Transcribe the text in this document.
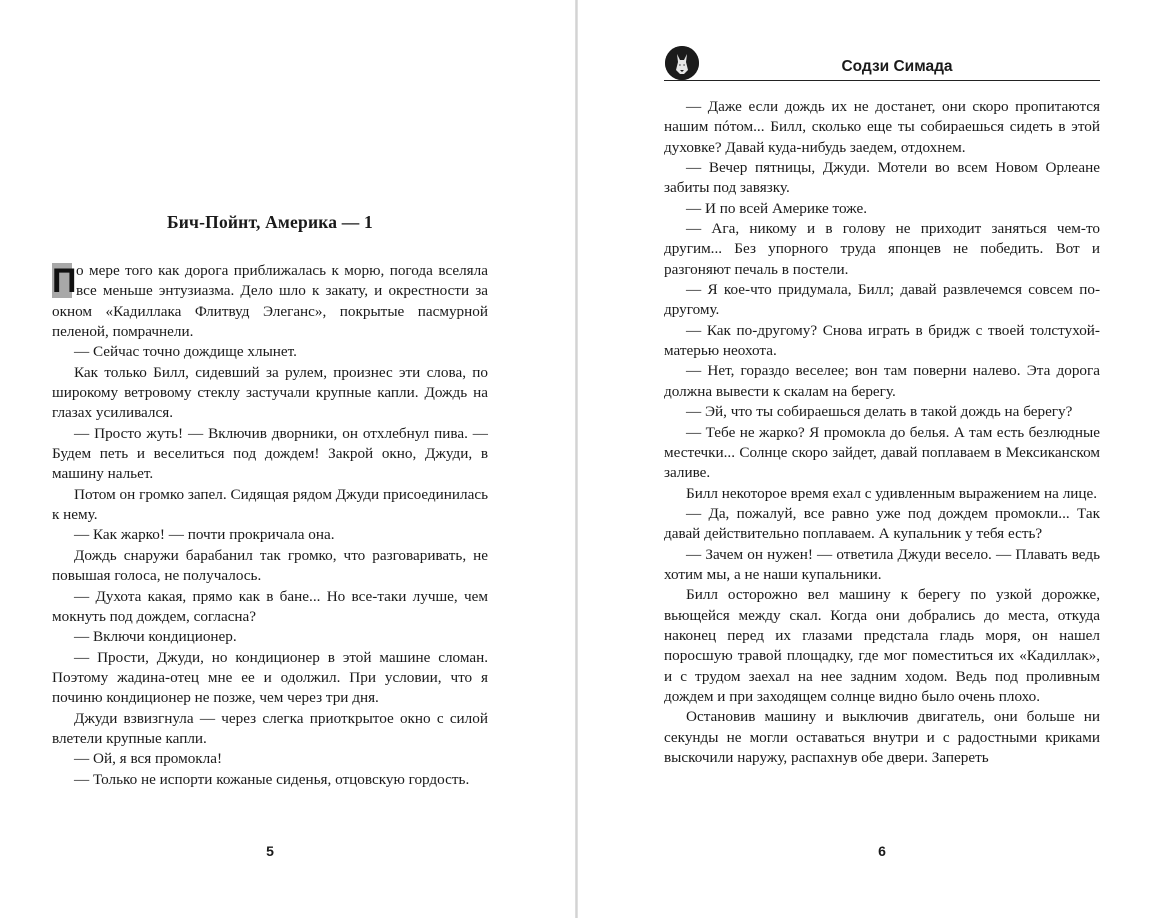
Бич-Пойнт, Америка — 1

П о мере того как дорога приближалась к морю, погода вселяла все меньше энтузиазма. Дело шло к закату, и окрестности за окном «Кадиллака Флитвуд Элеганс», покрытые пасмурной пеленой, помрачнели.

— Сейчас точно дождище хлынет.

Как только Билл, сидевший за рулем, произнес эти слова, по широкому ветровому стеклу застучали крупные капли. Дождь на глазах усиливался.

— Просто жуть! — Включив дворники, он отхлебнул пива. — Будем петь и веселиться под дождем! Закрой окно, Джуди, в машину нальет.

Потом он громко запел. Сидящая рядом Джуди присоединилась к нему.

— Как жарко! — почти прокричала она.

Дождь снаружи барабанил так громко, что разговаривать, не повышая голоса, не получалось.

— Духота какая, прямо как в бане... Но все-таки лучше, чем мокнуть под дождем, согласна?

— Включи кондиционер.

— Прости, Джуди, но кондиционер в этой машине сломан. Поэтому жадина-отец мне ее и одолжил. При условии, что я починю кондиционер не позже, чем через три дня.

Джуди взвизгнула — через слегка приоткрытое окно с силой влетели крупные капли.

— Ой, я вся промокла!

— Только не испорти кожаные сиденья, отцовскую гордость.

5
Содзи Симада

— Даже если дождь их не достанет, они скоро пропитаются нашим пóтом... Билл, сколько еще ты собираешься сидеть в этой духовке? Давай куда-нибудь заедем, отдохнем.

— Вечер пятницы, Джуди. Мотели во всем Новом Орлеане забиты под завязку.

— И по всей Америке тоже.

— Ага, никому и в голову не приходит заняться чем-то другим... Без упорного труда японцев не победить. Вот и разгоняют печаль в постели.

— Я кое-что придумала, Билл; давай развлечемся совсем по-другому.

— Как по-другому? Снова играть в бридж с твоей толстухой-матерью неохота.

— Нет, гораздо веселее; вон там поверни налево. Эта дорога должна вывести к скалам на берегу.

— Эй, что ты собираешься делать в такой дождь на берегу?

— Тебе не жарко? Я промокла до белья. А там есть безлюдные местечки... Солнце скоро зайдет, давай поплаваем в Мексиканском заливе.

Билл некоторое время ехал с удивленным выражением на лице.

— Да, пожалуй, все равно уже под дождем промокли... Так давай действительно поплаваем. А купальник у тебя есть?

— Зачем он нужен! — ответила Джуди весело. — Плавать ведь хотим мы, а не наши купальники.

Билл осторожно вел машину к берегу по узкой дорожке, вьющейся между скал. Когда они добрались до места, откуда наконец перед их глазами предстала гладь моря, он нашел поросшую травой площадку, где мог поместиться их «Кадиллак», и с трудом заехал на нее задним ходом. Ведь под проливным дождем и при заходящем солнце видно было очень плохо.

Остановив машину и выключив двигатель, они больше ни секунды не могли оставаться внутри и с радостными криками выскочили наружу, распахнув обе двери. Запереть

6
